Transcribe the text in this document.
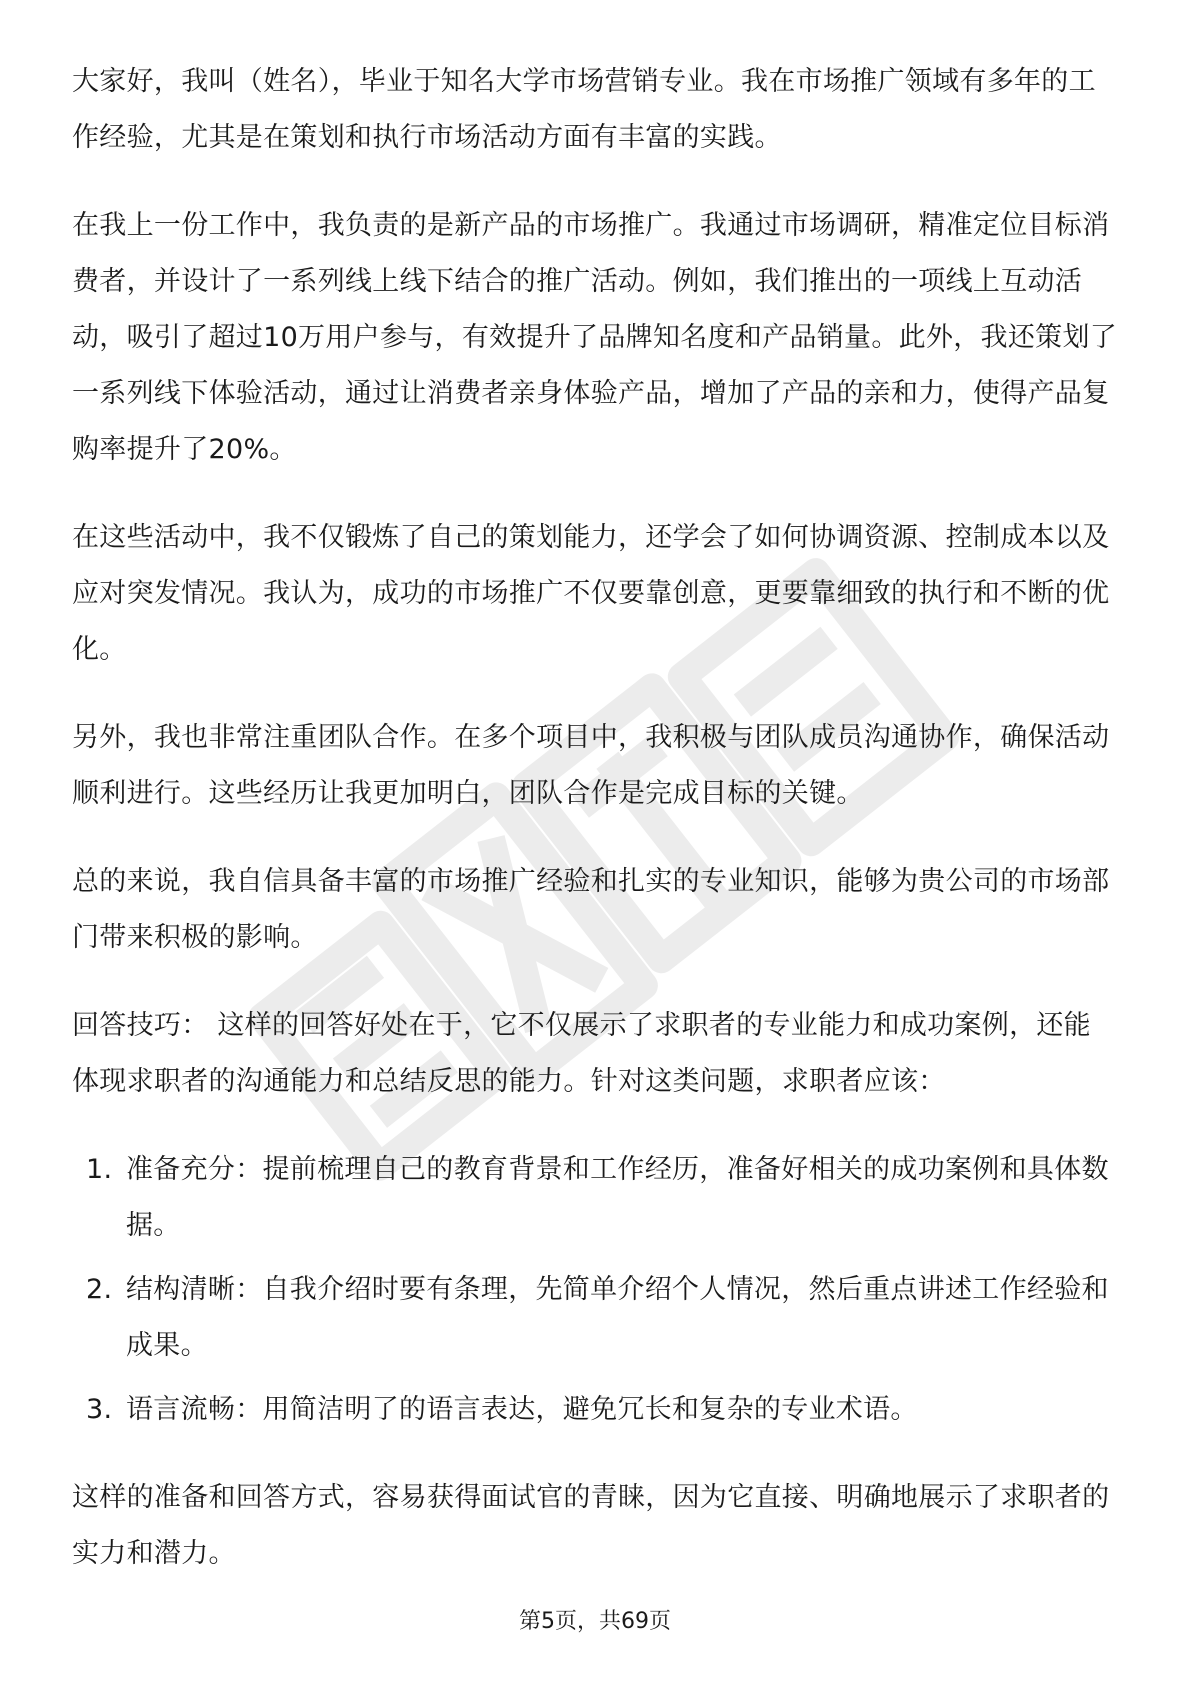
大家好，我叫（姓名），毕业于知名大学市场营销专业。我在市场推广领域有多年的工作经验，尤其是在策划和执行市场活动方面有丰富的实践。

在我上一份工作中，我负责的是新产品的市场推广。我通过市场调研，精准定位目标消费者，并设计了一系列线上线下结合的推广活动。例如，我们推出的一项线上互动活动，吸引了超过10万用户参与，有效提升了品牌知名度和产品销量。此外，我还策划了一系列线下体验活动，通过让消费者亲身体验产品，增加了产品的亲和力，使得产品复购率提升了20%。

在这些活动中，我不仅锻炼了自己的策划能力，还学会了如何协调资源、控制成本以及应对突发情况。我认为，成功的市场推广不仅要靠创意，更要靠细致的执行和不断的优化。

另外，我也非常注重团队合作。在多个项目中，我积极与团队成员沟通协作，确保活动顺利进行。这些经历让我更加明白，团队合作是完成目标的关键。

总的来说，我自信具备丰富的市场推广经验和扎实的专业知识，能够为贵公司的市场部门带来积极的影响。

回答技巧： 这样的回答好处在于，它不仅展示了求职者的专业能力和成功案例，还能体现求职者的沟通能力和总结反思的能力。针对这类问题，求职者应该：

1. 准备充分：提前梳理自己的教育背景和工作经历，准备好相关的成功案例和具体数据。
2. 结构清晰：自我介绍时要有条理，先简单介绍个人情况，然后重点讲述工作经验和成果。
3. 语言流畅：用简洁明了的语言表达，避免冗长和复杂的专业术语。

这样的准备和回答方式，容易获得面试官的青睐，因为它直接、明确地展示了求职者的实力和潜力。

第5页，共69页
